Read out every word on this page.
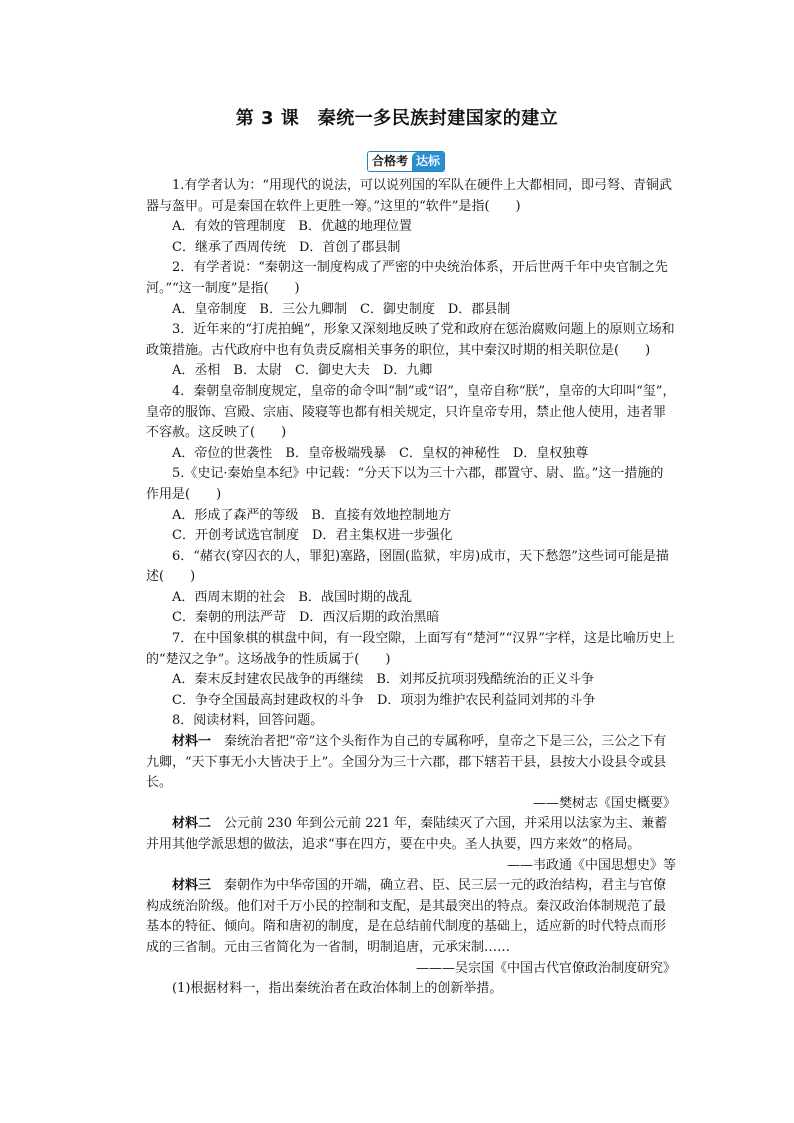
第 3 课　秦统一多民族封建国家的建立
合格考 达标

1.有学者认为：“用现代的说法，可以说列国的军队在硬件上大都相同，即弓弩、青铜武器与盔甲。可是秦国在软件上更胜一筹。”这里的“软件”是指(　　)

A．有效的管理制度　B．优越的地理位置

C．继承了西周传统　D．首创了郡县制

2．有学者说：“秦朝这一制度构成了严密的中央统治体系，开后世两千年中央官制之先河。”“这一制度”是指(　　)

A．皇帝制度　B．三公九卿制　C．御史制度　D．郡县制

3．近年来的“打虎拍蝇”，形象又深刻地反映了党和政府在惩治腐败问题上的原则立场和政策措施。古代政府中也有负责反腐相关事务的职位，其中秦汉时期的相关职位是(　　)

A．丞相　B．太尉　C．御史大夫　D．九卿

4．秦朝皇帝制度规定，皇帝的命令叫“制”或“诏”，皇帝自称“朕”，皇帝的大印叫“玺”，皇帝的服饰、宫殿、宗庙、陵寝等也都有相关规定，只许皇帝专用，禁止他人使用，违者罪不容赦。这反映了(　　)

A．帝位的世袭性　B．皇帝极端残暴　C．皇权的神秘性　D．皇权独尊

5.《史记·秦始皇本纪》中记载：“分天下以为三十六郡，郡置守、尉、监。”这一措施的作用是(　　)

A．形成了森严的等级　B．直接有效地控制地方

C．开创考试选官制度　D．君主集权进一步强化

6．“赭衣(穿囚衣的人，罪犯)塞路，囹圄(监狱，牢房)成市，天下愁怨”这些词可能是描述(　　)

A．西周末期的社会　B．战国时期的战乱

C．秦朝的刑法严苛　D．西汉后期的政治黑暗

7．在中国象棋的棋盘中间，有一段空隙，上面写有“楚河”“汉界”字样，这是比喻历史上的“楚汉之争”。这场战争的性质属于(　　)

A．秦末反封建农民战争的再继续　B．刘邦反抗项羽残酷统治的正义斗争

C．争夺全国最高封建政权的斗争　D．项羽为维护农民利益同刘邦的斗争

8．阅读材料，回答问题。

材料一　秦统治者把“帝”这个头衔作为自己的专属称呼，皇帝之下是三公，三公之下有九卿，“天下事无小大皆决于上”。全国分为三十六郡，郡下辖若干县，县按大小设县令或县长。

——樊树志《国史概要》

材料二　公元前 230 年到公元前 221 年，秦陆续灭了六国，并采用以法家为主、兼蓄并用其他学派思想的做法，追求“事在四方，要在中央。圣人执要，四方来效”的格局。

——韦政通《中国思想史》等

材料三　秦朝作为中华帝国的开端，确立君、臣、民三层一元的政治结构，君主与官僚构成统治阶级。他们对千万小民的控制和支配，是其最突出的特点。秦汉政治体制规范了最基本的特征、倾向。隋和唐初的制度，是在总结前代制度的基础上，适应新的时代特点而形成的三省制。元由三省简化为一省制，明制追唐，元承宋制……

———吴宗国《中国古代官僚政治制度研究》

(1)根据材料一，指出秦统治者在政治体制上的创新举措。
